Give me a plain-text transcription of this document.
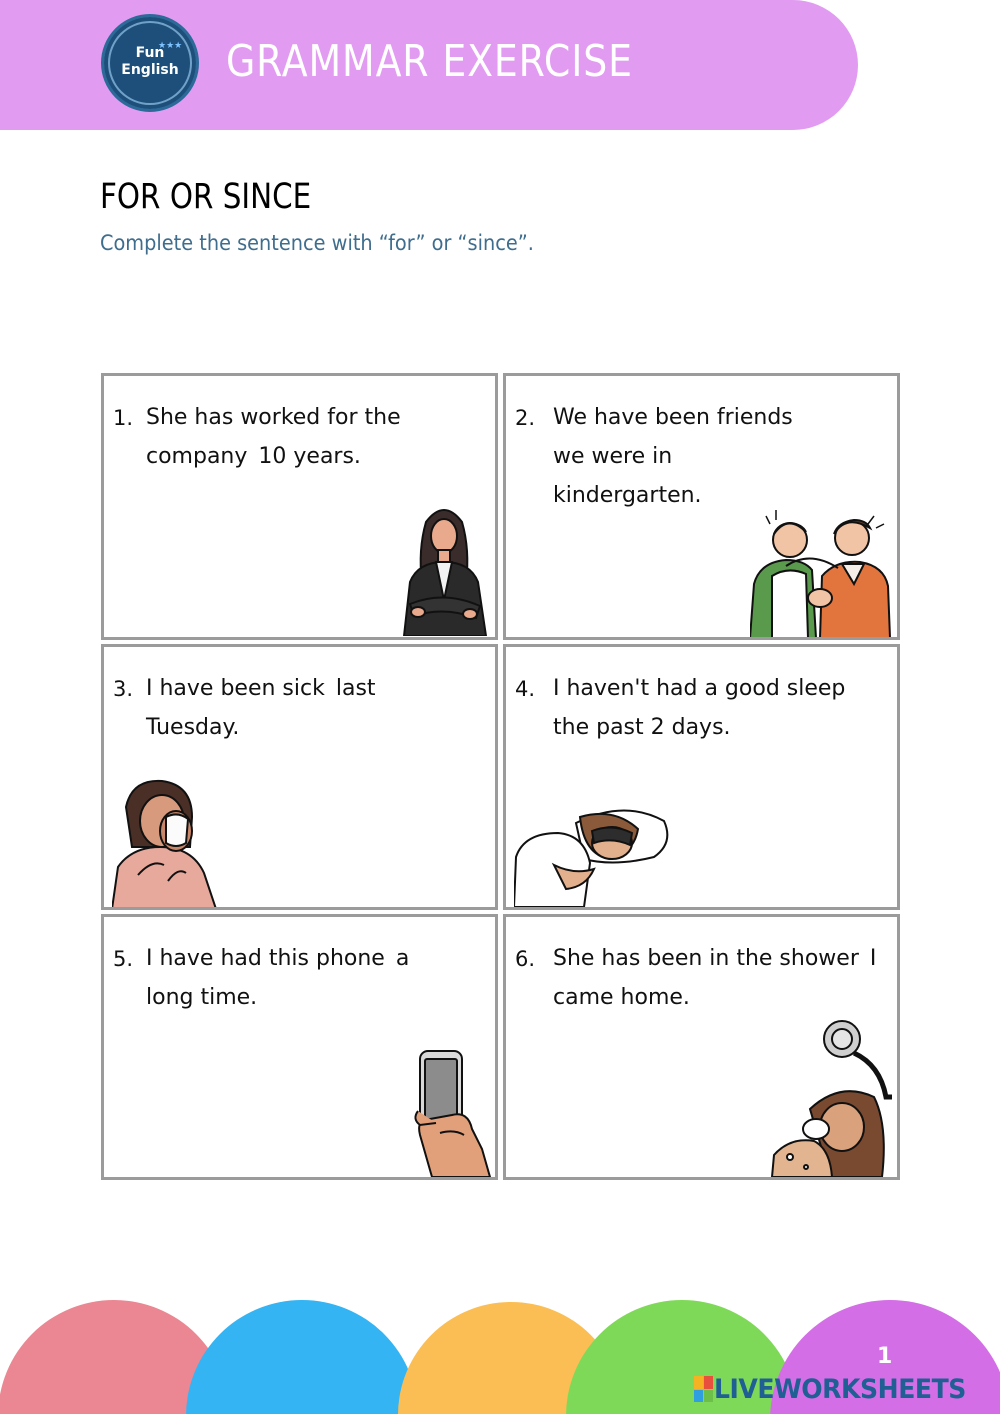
★★★
Fun
English	GRAMMAR EXERCISE
FOR OR SINCE
Complete the sentence with “for” or “since”.
1. She has worked for the company 10 years.
2. We have been friends we were in kindergarten.
3. I have been sick last Tuesday.
4. I haven't had a good sleep the past 2 days.
5. I have had this phone a long time.
6. She has been in the shower I came home.
1
LIVEWORKSHEETS
